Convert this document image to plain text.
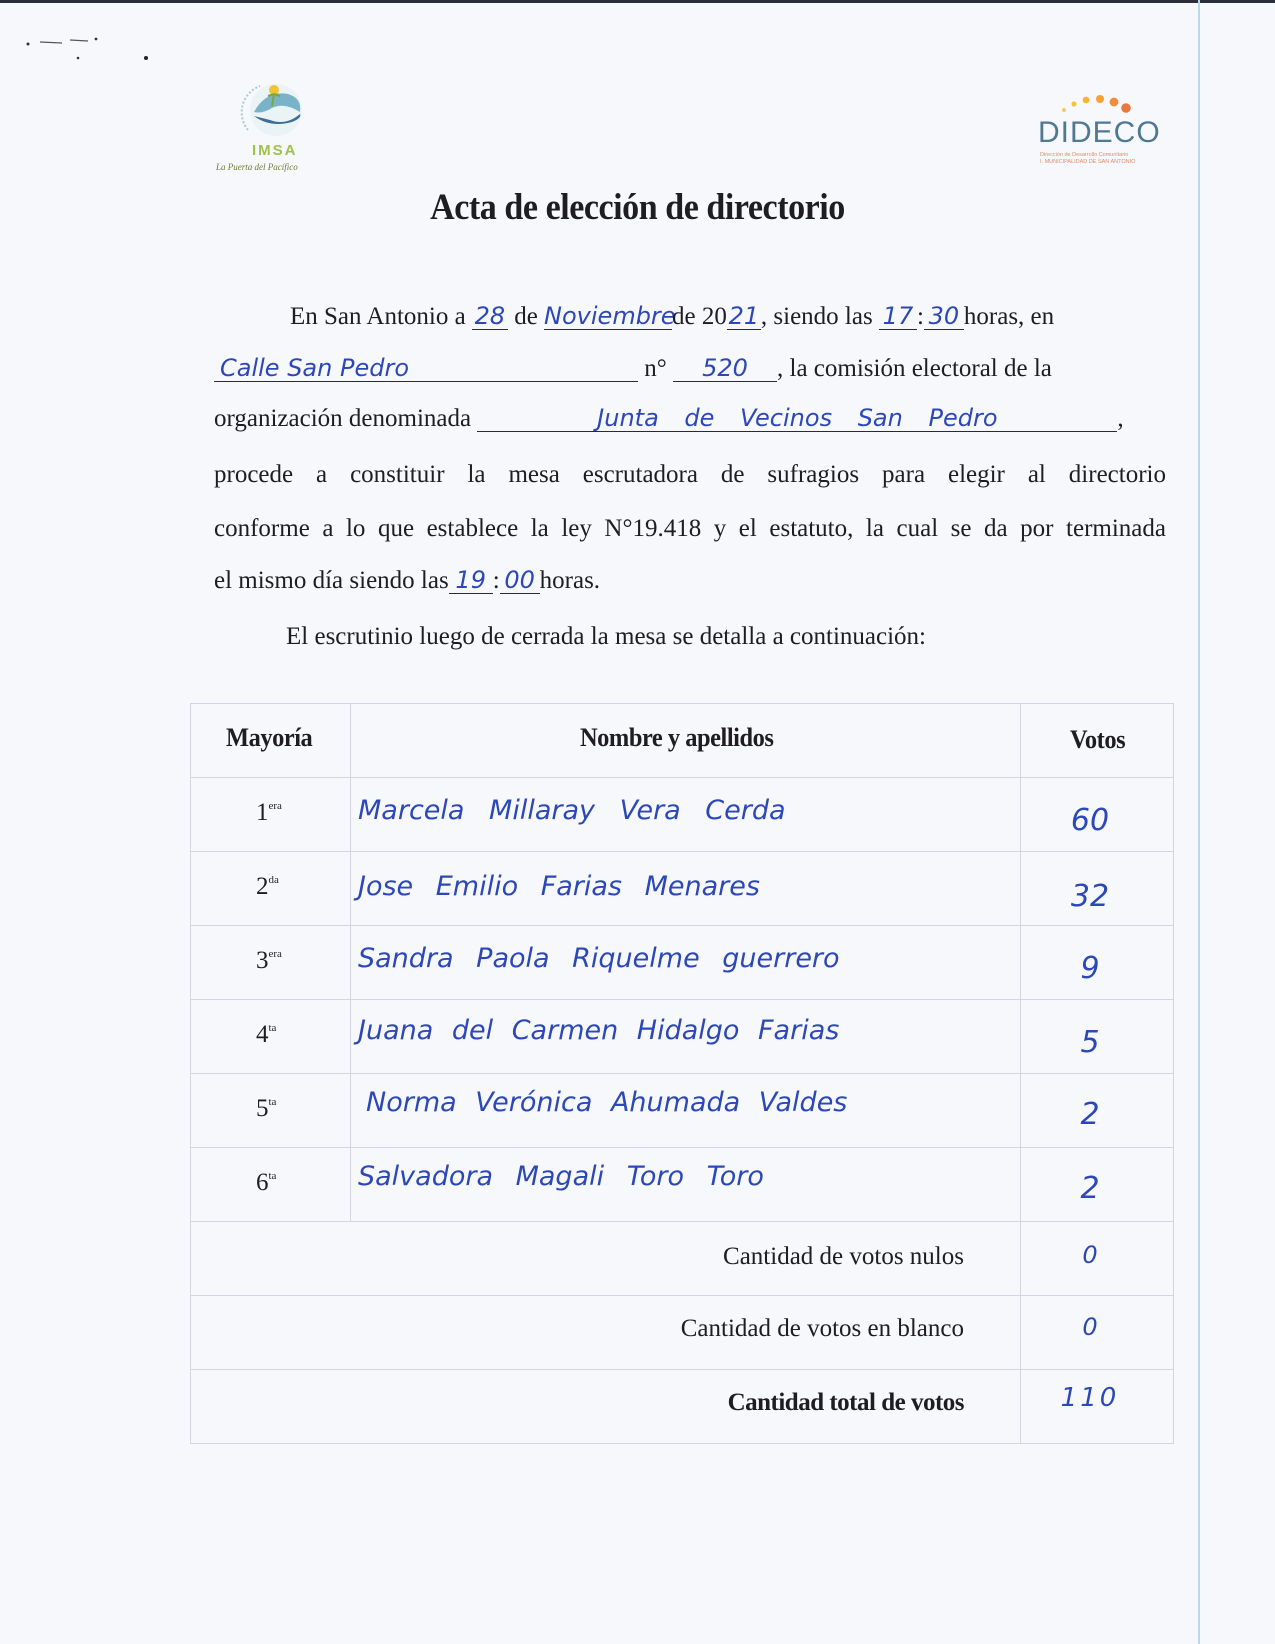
IMSA
La Puerta del Pacífico
DIDECO
Dirección de Desarrollo Comunitario
I. MUNICIPALIDAD DE SAN ANTONIO
Acta de elección de directorio
En San Antonio a 28 de Noviembrede 2021, siendo las 17 : 30 horas, en
Calle San Pedro	n° 520 , la comisión electoral de la
organización denominada	Junta de Vecinos San Pedro	,
procede a constituir la mesa escrutadora de sufragios para elegir al directorio
conforme a lo que establece la ley N°19.418 y el estatuto, la cual se da por terminada
el mismo día siendo las 19 : 00 horas.
El escrutinio luego de cerrada la mesa se detalla a continuación:
Mayoría	Nombre y apellidos	Votos
$1^{era}$	Marcela Millaray Vera Cerda	60
$2^{da}$	Jose Emilio Farias Menares	32
$3^{era}$	Sandra Paola Riquelme guerrero	9
$4^{ta}$	Juana del Carmen Hidalgo Farias	5
$5^{ta}$	Norma Verónica Ahumada Valdes	2
$6^{ta}$	Salvadora Magali Toro Toro	2
Cantidad de votos nulos	0
Cantidad de votos en blanco	0
Cantidad total de votos	110
